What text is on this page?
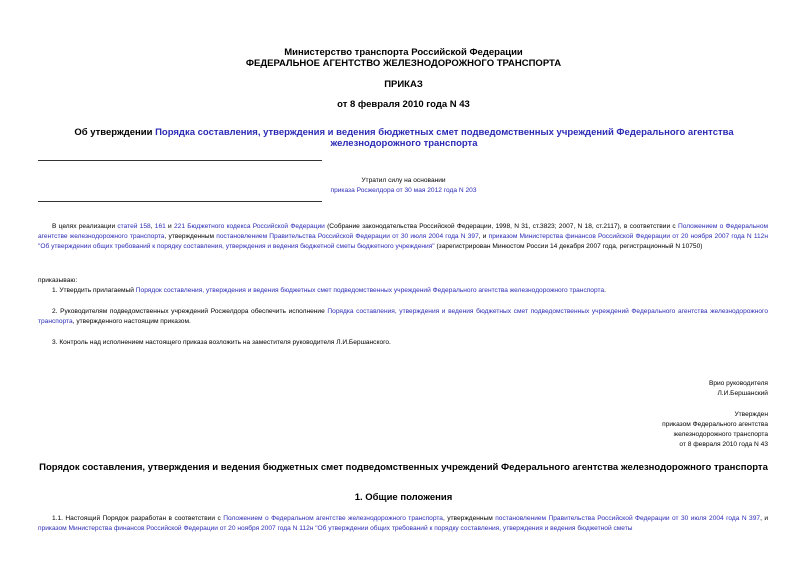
Министерство транспорта Российской Федерации
ФЕДЕРАЛЬНОЕ АГЕНТСТВО ЖЕЛЕЗНОДОРОЖНОГО ТРАНСПОРТА
ПРИКАЗ
от 8 февраля 2010 года N 43
Об утверждении Порядка составления, утверждения и ведения бюджетных смет подведомственных учреждений Федерального агентства железнодорожного транспорта
Утратил силу на основании
приказа Росжелдора от 30 мая 2012 года N 203
В целях реализации статей 158, 161 и 221 Бюджетного кодекса Российской Федерации (Собрание законодательства Российской Федерации, 1998, N 31, ст.3823; 2007, N 18, ст.2117), в соответствии с Положением о Федеральном агентстве железнодорожного транспорта, утвержденным постановлением Правительства Российской Федерации от 30 июля 2004 года N 397, и приказом Министерства финансов Российской Федерации от 20 ноября 2007 года N 112н "Об утверждении общих требований к порядку составления, утверждения и ведения бюджетной сметы бюджетного учреждения" (зарегистрирован Минюстом России 14 декабря 2007 года, регистрационный N 10750)
приказываю:
1. Утвердить прилагаемый Порядок составления, утверждения и ведения бюджетных смет подведомственных учреждений Федерального агентства железнодорожного транспорта.
2. Руководителям подведомственных учреждений Росжелдора обеспечить исполнение Порядка составления, утверждения и ведения бюджетных смет подведомственных учреждений Федерального агентства железнодорожного транспорта, утвержденного настоящим приказом.
3. Контроль над исполнением настоящего приказа возложить на заместителя руководителя Л.И.Бершанского.
Врио руководителя
Л.И.Бершанский
Утвержден
приказом Федерального агентства
железнодорожного транспорта
от 8 февраля 2010 года N 43
Порядок составления, утверждения и ведения бюджетных смет подведомственных учреждений Федерального агентства железнодорожного транспорта
1. Общие положения
1.1. Настоящий Порядок разработан в соответствии с Положением о Федеральном агентстве железнодорожного транспорта, утвержденным постановлением Правительства Российской Федерации от 30 июля 2004 года N 397, и приказом Министерства финансов Российской Федерации от 20 ноября 2007 года N 112н "Об утверждении общих требований к порядку составления, утверждения и ведения бюджетной сметы
